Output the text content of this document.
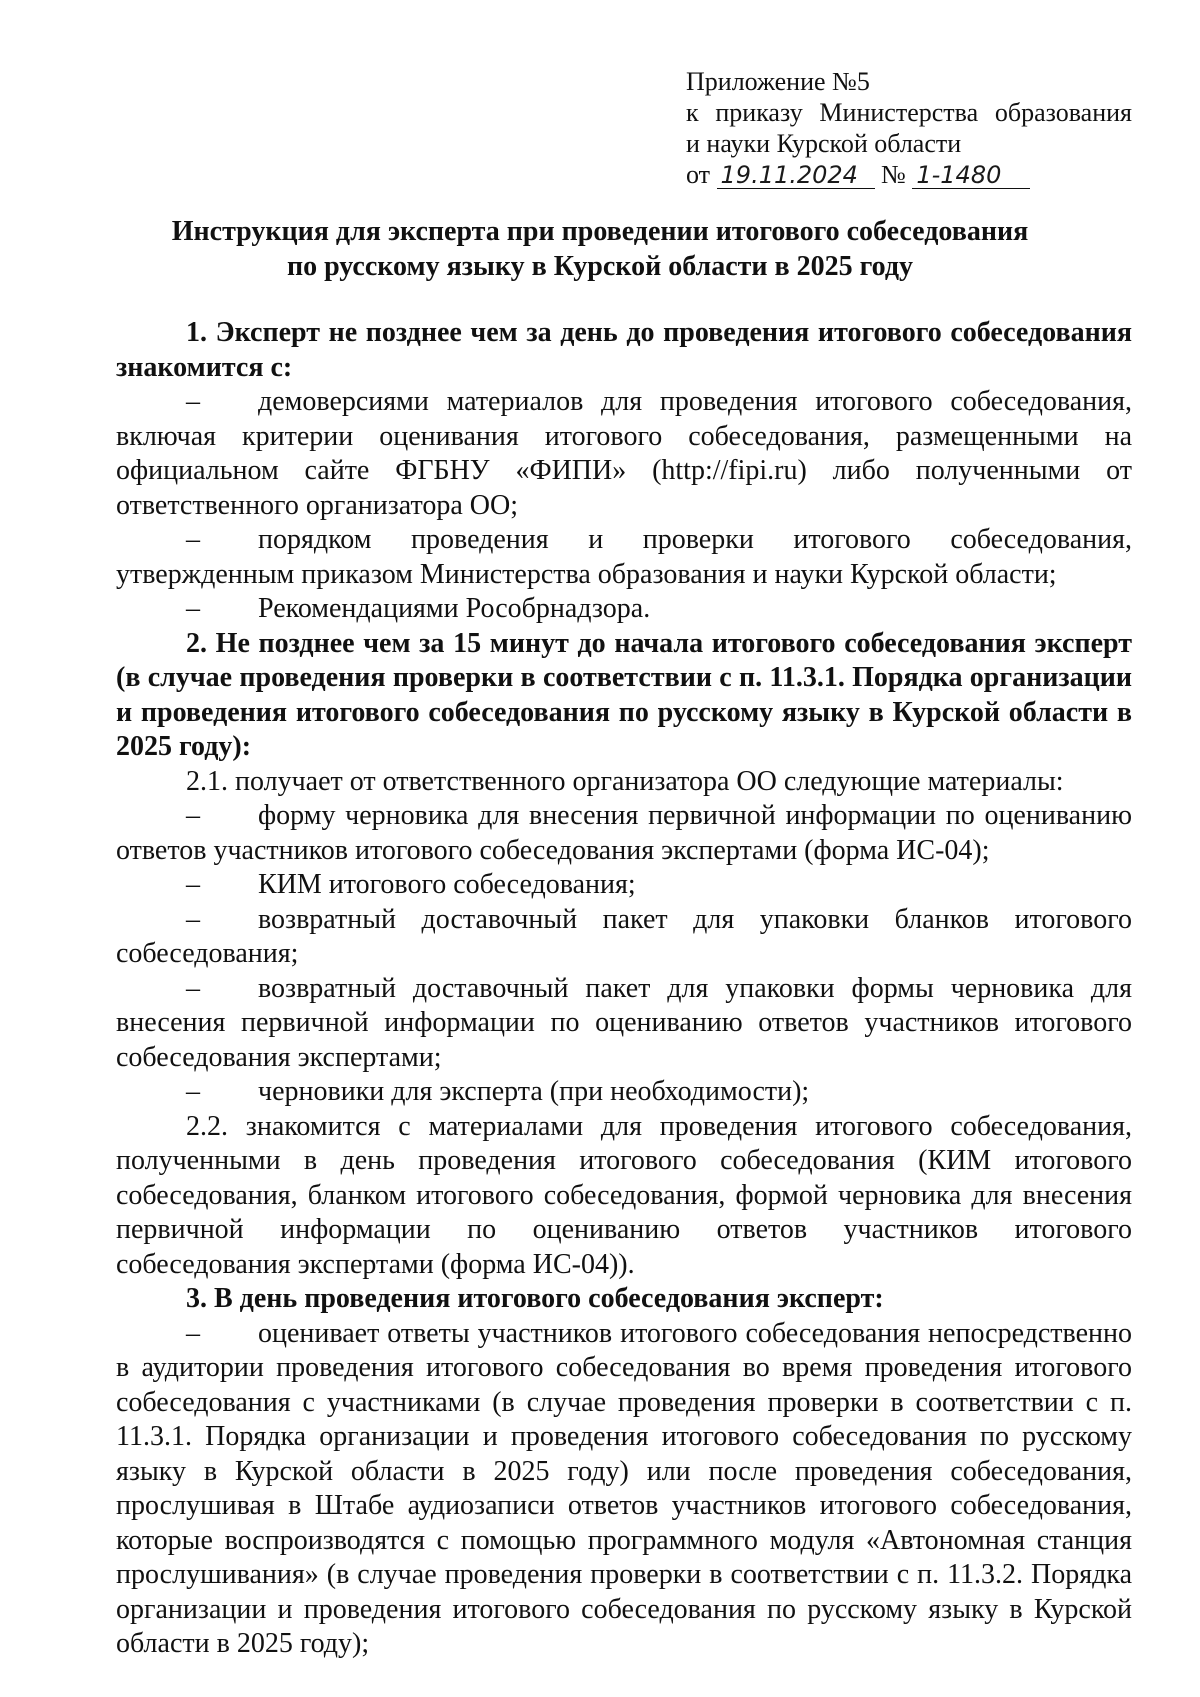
Приложение №5
к приказу Министерства образования
и науки Курской области
от 19.11.2024 № 1-1480
Инструкция для эксперта при проведении итогового собеседования
по русскому языку в Курской области в 2025 году

1. Эксперт не позднее чем за день до проведения итогового собеседования знакомится с:

– демоверсиями материалов для проведения итогового собеседования, включая критерии оценивания итогового собеседования, размещенными на официальном сайте ФГБНУ «ФИПИ» (http://fipi.ru) либо полученными от ответственного организатора ОО;

– порядком проведения и проверки итогового собеседования, утвержденным приказом Министерства образования и науки Курской области;

– Рекомендациями Рособрнадзора.

2. Не позднее чем за 15 минут до начала итогового собеседования эксперт (в случае проведения проверки в соответствии с п. 11.3.1. Порядка организации и проведения итогового собеседования по русскому языку в Курской области в 2025 году):

2.1. получает от ответственного организатора ОО следующие материалы:

– форму черновика для внесения первичной информации по оцениванию ответов участников итогового собеседования экспертами (форма ИС-04);

– КИМ итогового собеседования;

– возвратный доставочный пакет для упаковки бланков итогового собеседования;

– возвратный доставочный пакет для упаковки формы черновика для внесения первичной информации по оцениванию ответов участников итогового собеседования экспертами;

– черновики для эксперта (при необходимости);

2.2. знакомится с материалами для проведения итогового собеседования, полученными в день проведения итогового собеседования (КИМ итогового собеседования, бланком итогового собеседования, формой черновика для внесения первичной информации по оцениванию ответов участников итогового собеседования экспертами (форма ИС-04)).

3. В день проведения итогового собеседования эксперт:

– оценивает ответы участников итогового собеседования непосредственно в аудитории проведения итогового собеседования во время проведения итогового собеседования с участниками (в случае проведения проверки в соответствии с п. 11.3.1. Порядка организации и проведения итогового собеседования по русскому языку в Курской области в 2025 году) или после проведения собеседования, прослушивая в Штабе аудиозаписи ответов участников итогового собеседования, которые воспроизводятся с помощью программного модуля «Автономная станция прослушивания» (в случае проведения проверки в соответствии с п. 11.3.2. Порядка организации и проведения итогового собеседования по русскому языку в Курской области в 2025 году);
